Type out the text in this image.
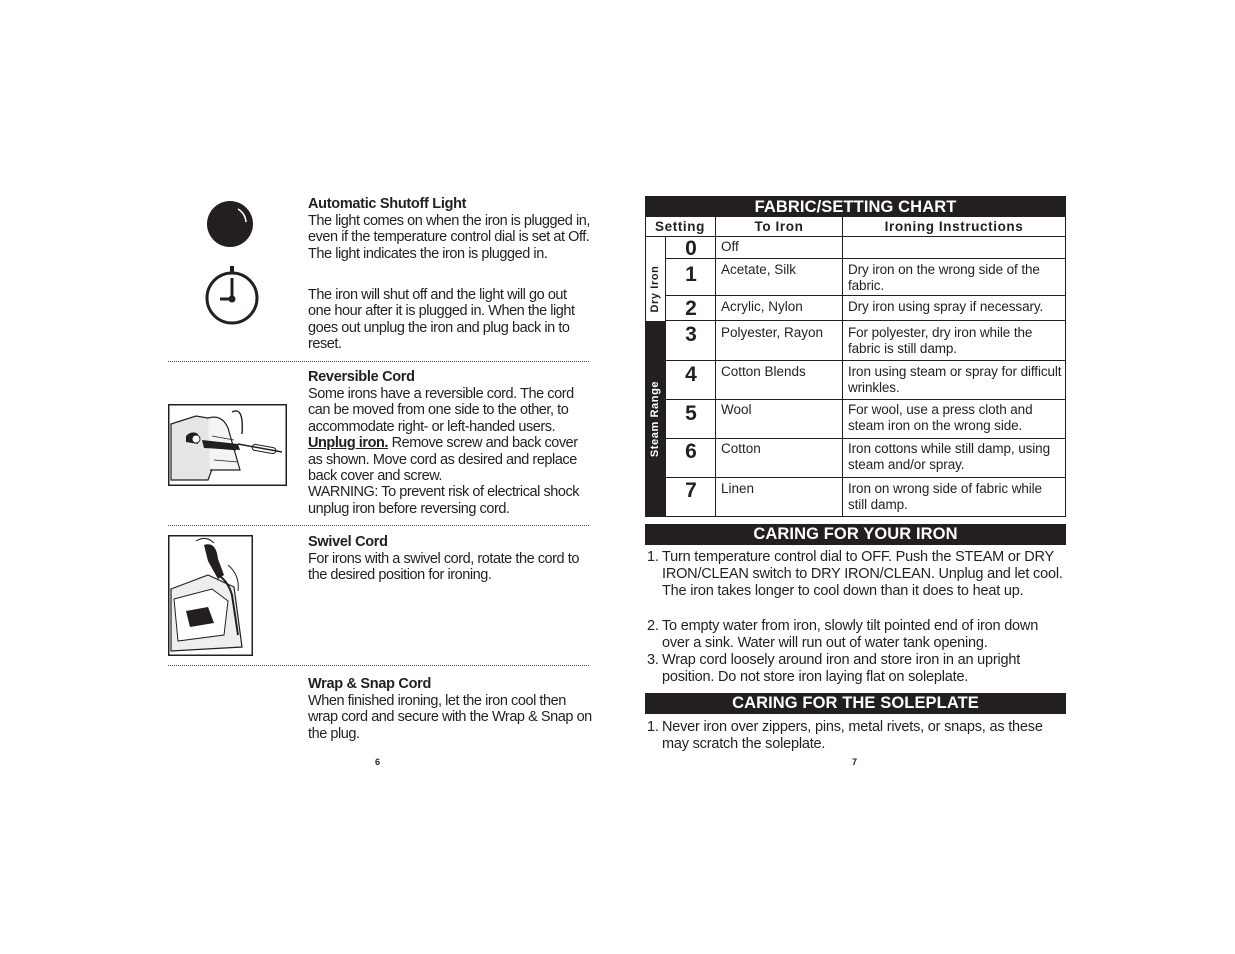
Automatic Shutoff Light
The light comes on when the iron is plugged in, even if the temperature control dial is set at Off. The light indicates the iron is plugged in.
The iron will shut off and the light will go out one hour after it is plugged in. When the light goes out unplug the iron and plug back in to reset.
Reversible Cord
Some irons have a reversible cord. The cord can be moved from one side to the other, to accommodate right- or left-handed users.
Unplug iron. Remove screw and back cover as shown. Move cord as desired and replace back cover and screw.
WARNING: To prevent risk of electrical shock unplug iron before reversing cord.
Swivel Cord
For irons with a swivel cord, rotate the cord to the desired position for ironing.
Wrap & Snap Cord
When finished ironing, let the iron cool then wrap cord and secure with the Wrap & Snap on the plug.
6
FABRIC/SETTING CHART
Dry Iron
Steam Range
Setting	To Iron	Ironing Instructions
0	Off
1	Acetate, Silk	Dry iron on the wrong side of the fabric.
2	Acrylic, Nylon	Dry iron using spray if necessary.
3	Polyester, Rayon	For polyester, dry iron while the fabric is still damp.
4	Cotton Blends	Iron using steam or spray for difficult wrinkles.
5	Wool	For wool, use a press cloth and steam iron on the wrong side.
6	Cotton	Iron cottons while still damp, using steam and/or spray.
7	Linen	Iron on wrong side of fabric while still damp.
CARING FOR YOUR IRON
1. Turn temperature control dial to OFF. Push the STEAM or DRY IRON/CLEAN switch to DRY IRON/CLEAN. Unplug and let cool. The iron takes longer to cool down than it does to heat up.
2. To empty water from iron, slowly tilt pointed end of iron down over a sink. Water will run out of water tank opening.
3. Wrap cord loosely around iron and store iron in an upright position. Do not store iron laying flat on soleplate.
CARING FOR THE SOLEPLATE
1. Never iron over zippers, pins, metal rivets, or snaps, as these may scratch the soleplate.
7
